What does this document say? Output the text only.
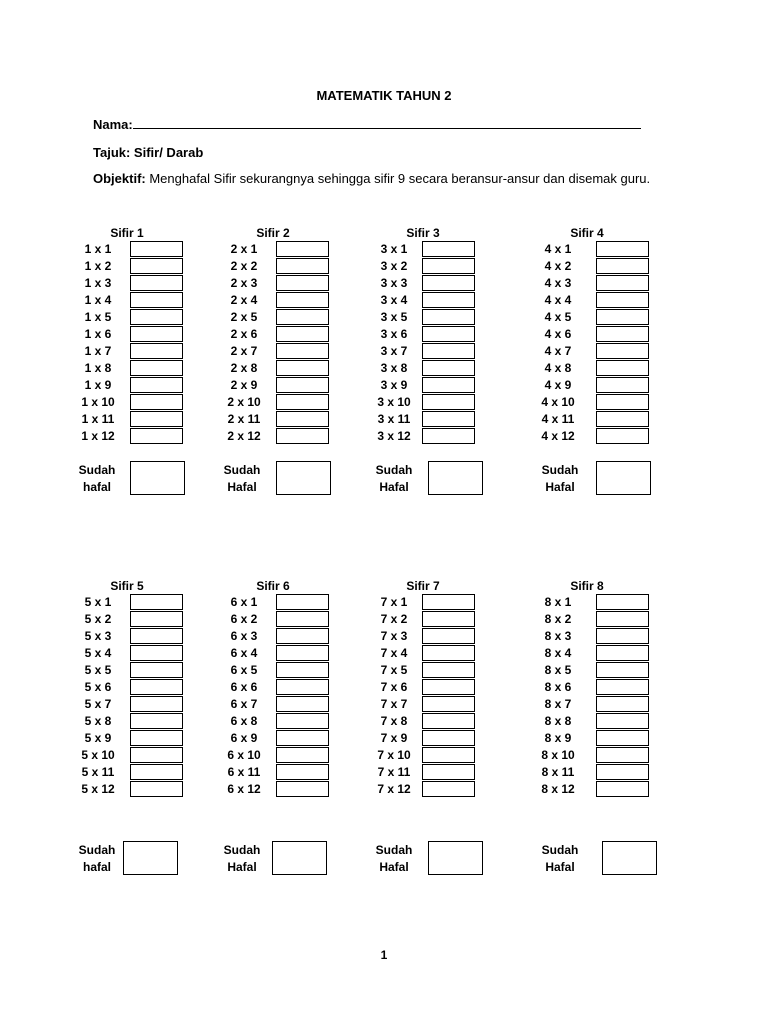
MATEMATIK TAHUN 2
Nama:
Tajuk: Sifir/ Darab
Objektif: Menghafal Sifir sekurangnya sehingga sifir 9 secara beransur-ansur dan disemak guru.
Sifir 1
1 x 1
1 x 2
1 x 3
1 x 4
1 x 5
1 x 6
1 x 7
1 x 8
1 x 9
1 x 10
1 x 11
1 x 12
Sudah
hafal
Sifir 2
2 x 1
2 x 2
2 x 3
2 x 4
2 x 5
2 x 6
2 x 7
2 x 8
2 x 9
2 x 10
2 x 11
2 x 12
Sudah
Hafal
Sifir 3
3 x 1
3 x 2
3 x 3
3 x 4
3 x 5
3 x 6
3 x 7
3 x 8
3 x 9
3 x 10
3 x 11
3 x 12
Sudah
Hafal
Sifir 4
4 x 1
4 x 2
4 x 3
4 x 4
4 x 5
4 x 6
4 x 7
4 x 8
4 x 9
4 x 10
4 x 11
4 x 12
Sudah
Hafal
Sifir 5
5 x 1
5 x 2
5 x 3
5 x 4
5 x 5
5 x 6
5 x 7
5 x 8
5 x 9
5 x 10
5 x 11
5 x 12
Sudah
hafal
Sifir 6
6 x 1
6 x 2
6 x 3
6 x 4
6 x 5
6 x 6
6 x 7
6 x 8
6 x 9
6 x 10
6 x 11
6 x 12
Sudah
Hafal
Sifir 7
7 x 1
7 x 2
7 x 3
7 x 4
7 x 5
7 x 6
7 x 7
7 x 8
7 x 9
7 x 10
7 x 11
7 x 12
Sudah
Hafal
Sifir 8
8 x 1
8 x 2
8 x 3
8 x 4
8 x 5
8 x 6
8 x 7
8 x 8
8 x 9
8 x 10
8 x 11
8 x 12
Sudah
Hafal
1
